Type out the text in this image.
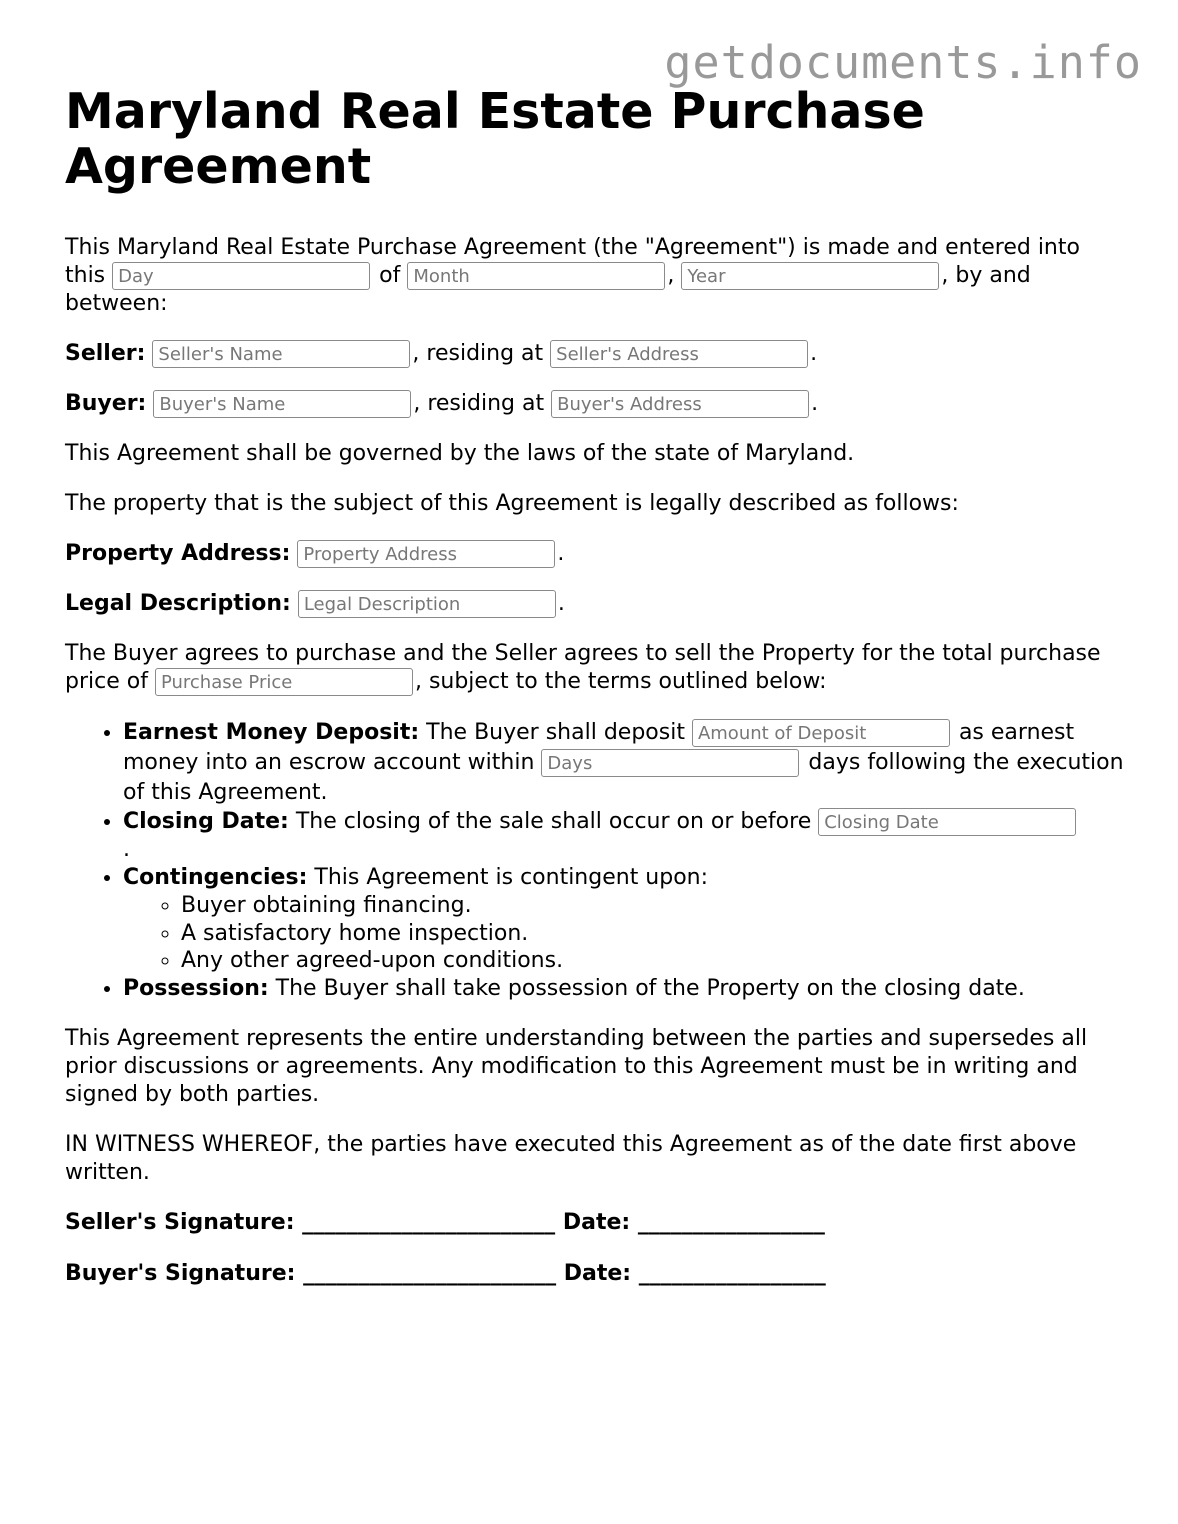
getdocuments.info
Maryland Real Estate Purchase Agreement

This Maryland Real Estate Purchase Agreement (the "Agreement") is made and entered into this Day	of Month	, Year	, by and between:

Seller: Seller's Name	, residing at Seller's Address	.

Buyer: Buyer's Name	, residing at Buyer's Address	.

This Agreement shall be governed by the laws of the state of Maryland.

The property that is the subject of this Agreement is legally described as follows:

Property Address: Property Address	.

Legal Description: Legal Description	.

The Buyer agrees to purchase and the Seller agrees to sell the Property for the total purchase price of Purchase Price	, subject to the terms outlined below:

• Earnest Money Deposit: The Buyer shall deposit Amount of Deposit	as earnest money into an escrow account within Days	days following the execution of this Agreement.
• Closing Date: The closing of the sale shall occur on or before Closing Date
.
• Contingencies: This Agreement is contingent upon:
◦ Buyer obtaining financing.
◦ A satisfactory home inspection.
◦ Any other agreed-upon conditions.
• Possession: The Buyer shall take possession of the Property on the closing date.

This Agreement represents the entire understanding between the parties and supersedes all prior discussions or agreements. Any modification to this Agreement must be in writing and signed by both parties.

IN WITNESS WHEREOF, the parties have executed this Agreement as of the date first above written.

Seller's Signature: _______________________ Date: _________________
Buyer's Signature: _______________________ Date: _________________
